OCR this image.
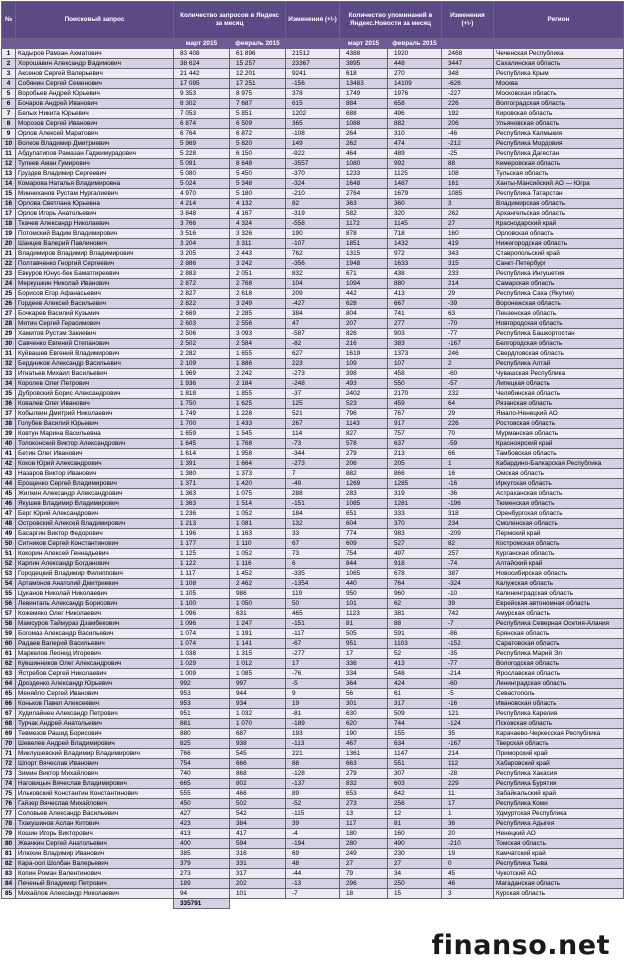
№	Поисковый запрос	Количество запросов в Яндекс за месяц		Изменения (+\-)	Количество упоминаний в Яндекс.Новости за месяц		Изменения (+\-)	Регион
		март 2015	февраль 2015		март 2015	февраль 2015		
1	Кадыров Рамзан Ахматович	83 408	61 896	21512	4388	1920	2468	Чеченская Республика
2	Хорошавин Александр Вадимович	38 624	15 257	23367	3895	448	3447	Сахалинская область
3	Аксенов Сергей Валерьевич	21 442	12 201	9241	618	270	348	Республика Крым
4	Собянин Сергей Семенович	17 095	17 251	-156	13483	14109	-626	Москва
5	Воробьев Андрей Юрьевич	9 353	8 975	378	1749	1976	-227	Московская область
6	Бочаров Андрей Иванович	8 302	7 687	615	884	658	226	Волгоградская область
7	Белых Никита Юрьевич	7 053	5 851	1202	688	496	192	Кировская область
8	Морозов Сергей Иванович	6 874	6 509	365	1088	882	206	Ульяновская область
9	Орлов Алексей Маратович	6 764	6 872	-108	264	310	-46	Республика Калмыкия
10	Волков Владимир Дмитриевич	5 969	5 820	149	262	474	-212	Республика Мордовия
11	Абдулатипов Рамазан Гаджимурадович	5 228	6 150	-922	464	489	-25	Республика Дагестан
12	Тулеев Аман Гумирович	5 091	8 648	-3557	1080	992	88	Кемеровская область
13	Груздев Владимир Сергеевич	5 080	5 450	-370	1233	1125	108	Тульская область
14	Комарова Наталья Владимировна	5 024	5 348	-324	1648	1487	161	Ханты-Мансийский АО — Югра
15	Минниханов Рустам Нургалиевич	4 970	5 180	-210	2764	1679	1085	Республика Татарстан
16	Орлова Светлана Юрьевна	4 214	4 132	82	363	360	3	Владимирская область
17	Орлов Игорь Анатольевич	3 848	4 167	-319	582	320	262	Архангельская область
18	Ткачев Александр Николаевич	3 766	4 324	-558	1172	1145	27	Краснодарский край
19	Потомский Вадим Владимирович	3 516	3 326	190	878	718	160	Орловская область
20	Шанцев Валерий Павлинович	3 204	3 311	-107	1851	1432	419	Нижегородская область
21	Владимиров Владимир Владимирович	3 205	2 443	762	1315	972	343	Ставропольский край
22	Полтавченко Георгий Сергеевич	2 886	3 242	-356	1948	1633	315	Санкт-Петербург
23	Евкуров Юнус-бек Баматгиреевич	2 883	2 051	832	671	438	233	Республика Ингушетия
24	Меркушкин Николай Иванович	2 872	2 768	104	1094	880	214	Самарская область
25	Борисов Егор Афанасьевич	2 827	2 618	209	442	413	29	Республика Саха (Якутия)
26	Гордеев Алексей Васильевич	2 822	3 249	-427	628	667	-39	Воронежская область
27	Бочкарев Василий Кузьмич	2 669	2 285	384	804	741	63	Пензенская область
28	Митин Сергей Герасимович	2 603	2 556	47	207	277	-70	Новгородская область
29	Хамитов Рустэм Закиевич	2 506	3 093	-587	826	903	-77	Республика Башкортостан
30	Савченко Евгений Степанович	2 502	2 584	-82	216	383	-167	Белгородская область
31	Куйвашев Евгений Владимирович	2 282	1 655	627	1619	1373	246	Свердловская область
32	Бердников Александр Васильевич	2 109	1 886	223	109	107	2	Республика Алтай
33	Игнатьев Михаил Васильевич	1 969	2 242	-273	398	458	-60	Чувашская Республика
34	Королев Олег Петрович	1 936	2 184	-248	493	550	-57	Липецкая область
35	Дубровский Борис Александрович	1 818	1 855	-37	2402	2170	232	Челябинская область
36	Ковалев Олег Иванович	1 750	1 625	125	523	459	64	Рязанская область
37	Кобылкин Дмитрий Николаевич	1 749	1 228	521	796	767	29	Ямало-Ненецкий АО
38	Голубев Василий Юрьевич	1 700	1 433	267	1143	917	226	Ростовская область
39	Ковтун Марина Васильевна	1 659	1 545	114	827	757	70	Мурманская область
40	Толоконский Виктор Александрович	1 645	1 768	-73	578	637	-59	Красноярский край
41	Бетин Олег Иванович	1 614	1 958	-344	279	213	66	Тамбовская область
42	Коков Юрий Александрович	1 391	1 664	-273	206	205	1	Кабардино-Балкарская Республика
43	Назаров Виктор Иванович	1 380	1 373	7	882	866	16	Омская область
44	Ерощенко Сергей Владимирович	1 371	1 420	-49	1269	1285	-16	Иркутская область
45	Жилкин Александр Александрович	1 363	1 075	288	283	319	-36	Астраханская область
46	Якушев Владимир Владимирович	1 363	1 514	-151	1085	1281	-196	Тюменская область
47	Берг Юрий Александрович	1 236	1 052	184	651	333	318	Оренбургская область
48	Островский Алексей Владимирович	1 213	1 081	132	604	370	234	Смоленская область
49	Басаргин Виктор Федорович	1 196	1 163	33	774	983	-209	Пермский край
50	Ситников Сергей Константинович	1 177	1 110	67	609	527	82	Костромская область
51	Кокорин Алексей Геннадьевич	1 125	1 052	73	754	497	257	Курганская область
52	Карлин Александр Богданович	1 122	1 116	6	844	918	-74	Алтайский край
53	Городецкий Владимир Филиппович	1 117	1 452	-335	1065	678	387	Новосибирская область
54	Артамонов Анатолий Дмитриевич	1 108	2 462	-1354	440	764	-324	Калужская область
55	Цуканов Николай Николаевич	1 105	986	119	950	960	-10	Калининградская область
56	Левинталь Александр Борисович	1 100	1 050	50	101	62	39	Еврейская автономная область
57	Кожемяко Олег Николаевич	1 096	631	465	1123	381	742	Амурская область
58	Мамсуров Таймураз Дзамбекович	1 096	1 247	-151	81	88	-7	Республика Северная Осетия-Алания
59	Богомаз Александр Васильевич	1 074	1 191	-117	505	591	-86	Брянская область
60	Радаев Валерий Васильевич	1 074	1 141	-67	951	1103	-152	Саратовская область
61	Маркелов Леонид Игоревич	1 038	1 315	-277	17	52	-35	Республика Марий Эл
62	Кувшинников Олег Александрович	1 029	1 012	17	336	413	-77	Вологодская область
63	Ястребов Сергей Николаевич	1 009	1 085	-76	334	548	-214	Ярославская область
64	Дрозденко Александр Юрьевич	992	997	-5	364	424	-60	Ленинградская область
65	Меняйло Сергей Иванович	953	944	9	56	61	-5	Севастополь
66	Коньков Павел Алексеевич	953	934	19	301	317	-16	Ивановская область
67	Худилайнен Александр Петрович	951	1 032	-81	630	509	121	Республика Карелия
68	Турчак Андрей Анатольевич	881	1 070	-189	620	744	-124	Псковская область
69	Тевмезов Рашид Борисович	880	687	193	190	155	35	Карачаево-Черкесская Республика
70	Шевелев Андрей Владимирович	825	938	-113	467	634	-167	Тверская область
71	Миклушевский Владимир Владимирович	766	545	221	1361	1147	214	Приморский край
72	Шпорт Вячеслав Иванович	754	666	88	663	551	112	Хабаровский край
73	Зимин Виктор Михайлович	740	868	-128	279	307	-28	Республика Хакасия
74	Наговицын Вячеслав Владимирович	665	802	-137	832	603	229	Республика Бурятия
75	Ильковский Константин Константинович	555	466	89	653	642	11	Забайкальский край
76	Гайзер Вячеслав Михайлович	450	502	-52	273	256	17	Республика Коми
77	Соловьев Александр Васильевич	427	542	-115	13	12	1	Удмуртская Республика
78	Тхакушинов Аслан Китович	423	384	39	117	81	36	Республика Адыгея
79	Кошин Игорь Викторович	413	417	-4	180	160	20	Ненецкий АО
80	Жвачкин Сергей Анатольевич	400	594	-194	280	490	-210	Томская область
81	Илюхин Владимир Иванович	385	316	69	249	230	19	Камчатский край
82	Кара-оол Шолбан Валерьевич	379	331	48	27	27	0	Республика Тыва
83	Копин Роман Валентинович	273	317	-44	79	34	45	Чукотский АО
84	Печеный Владимир Петрович	189	202	-13	296	250	46	Магаданская область
85	Михайлов Александр Николаевич	94	101	-7	18	15	3	Курская область
		335791						
finanso.net
